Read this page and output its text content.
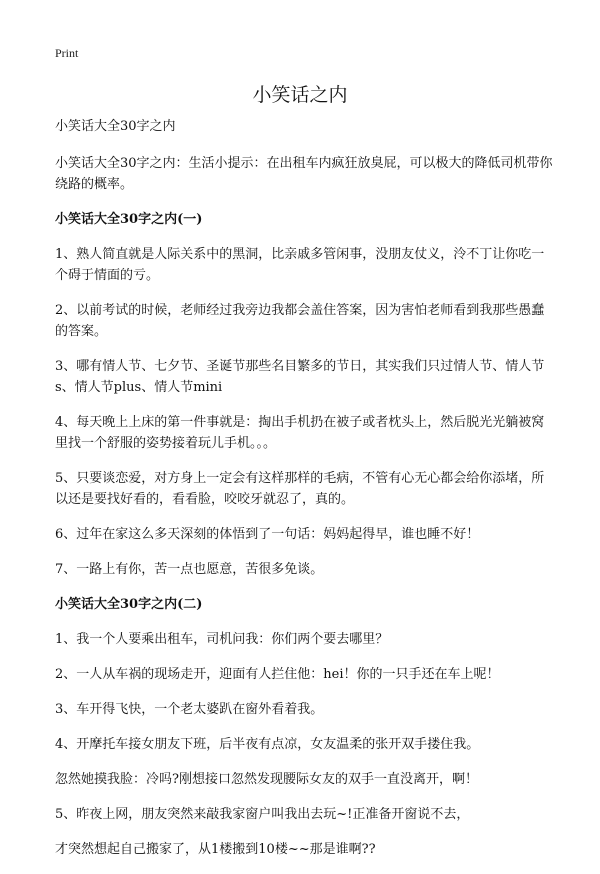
Print
小笑话之内

小笑话大全30字之内

小笑话大全30字之内：生活小提示：在出租车内疯狂放臭屁，可以极大的降低司机带你绕路的概率。

小笑话大全30字之内(一)

1、熟人简直就是人际关系中的黑洞，比亲戚多管闲事，没朋友仗义，泠不丁让你吃一个碍于情面的亏。

2、以前考试的时候，老师经过我旁边我都会盖住答案，因为害怕老师看到我那些愚蠢的答案。

3、哪有情人节、七夕节、圣诞节那些名目繁多的节日，其实我们只过情人节、情人节s、情人节plus、情人节mini

4、每天晚上上床的第一件事就是：掏出手机扔在被子或者枕头上，然后脱光光躺被窝里找一个舒服的姿势接着玩儿手机。。。

5、只要谈恋爱，对方身上一定会有这样那样的毛病，不管有心无心都会给你添堵，所以还是要找好看的，看看脸，咬咬牙就忍了，真的。

6、过年在家这么多天深刻的体悟到了一句话：妈妈起得早，谁也睡不好！

7、一路上有你，苦一点也愿意，苦很多免谈。

小笑话大全30字之内(二)

1、我一个人要乘出租车，司机问我：你们两个要去哪里？

2、一人从车祸的现场走开，迎面有人拦住他：hei！你的一只手还在车上呢！

3、车开得飞快，一个老太婆趴在窗外看着我。

4、开摩托车接女朋友下班，后半夜有点凉，女友温柔的张开双手搂住我。

忽然她摸我脸：冷吗?刚想接口忽然发现腰际女友的双手一直没离开，啊！

5、昨夜上网，朋友突然来敲我家窗户叫我出去玩~!正准备开窗说不去，

才突然想起自己搬家了，从1楼搬到10楼~~那是谁啊??
